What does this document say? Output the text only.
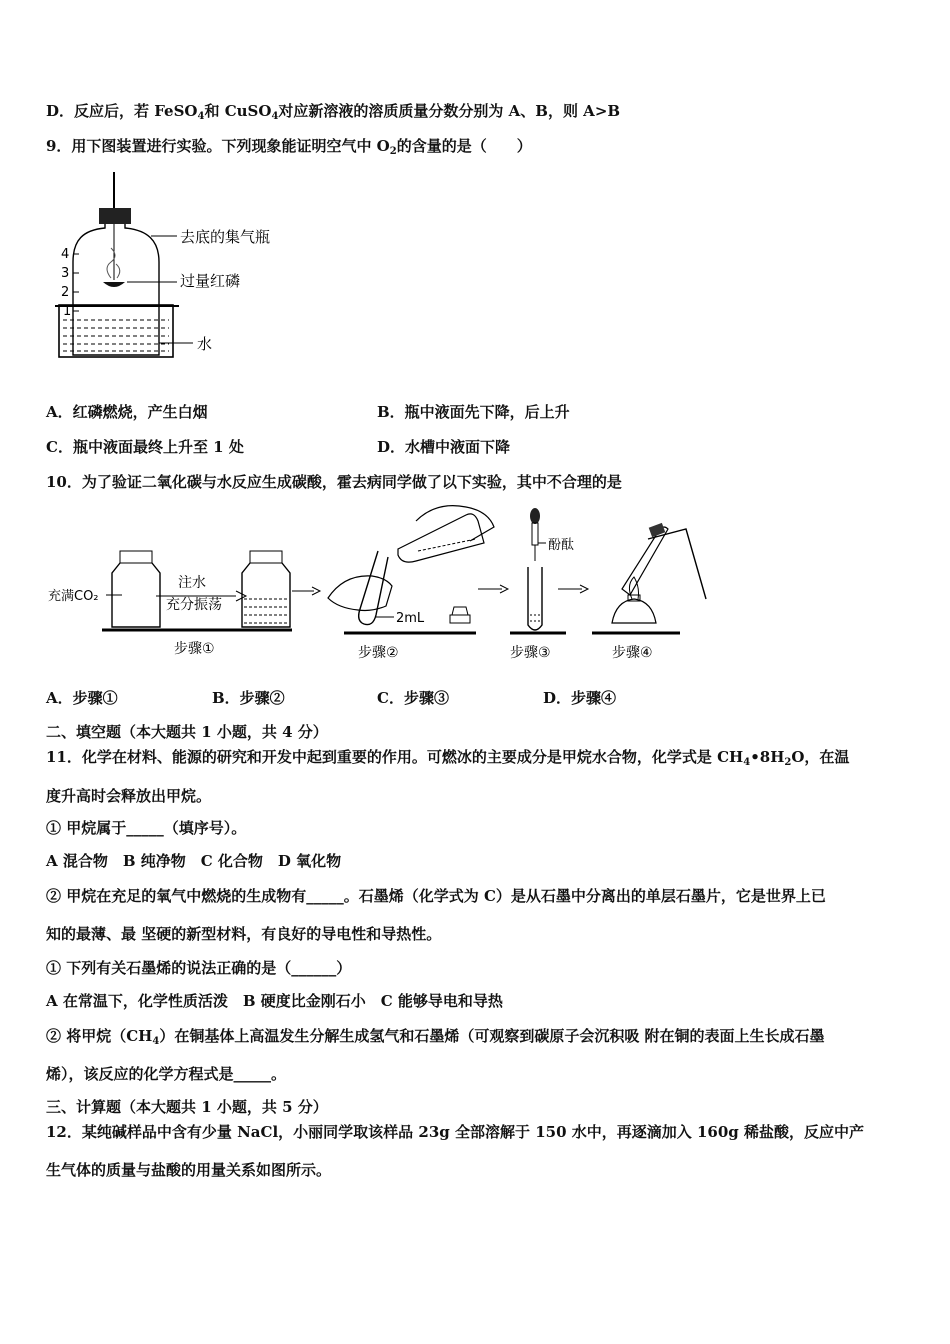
D．反应后，若 FeSO$_4$和 CuSO$_4$对应新溶液的溶质质量分数分别为 A、B，则 A>B
9．用下图装置进行实验。下列现象能证明空气中 $O_2$的含量的是（　　）
4
3
2
1
去底的集气瓶
过量红磷
水
A．红磷燃烧，产生白烟	B．瓶中液面先下降，后上升
C．瓶中液面最终上升至 1 处	D．水槽中液面下降
10．为了验证二氧化碳与水反应生成碳酸，霍去病同学做了以下实验，其中不合理的是
充满CO₂
注水
充分振荡
步骤①
2mL
步骤②
酚酞
步骤③	步骤④
A．步骤①	B．步骤②	C．步骤③	D．步骤④
二、填空题（本大题共 1 小题，共 4 分）
11．化学在材料、能源的研究和开发中起到重要的作用。可燃冰的主要成分是甲烷水合物，化学式是 $CH_4•8H_2O$，在温
度升高时会释放出甲烷。
① 甲烷属于_____（填序号）。
A 混合物　B 纯净物　C 化合物　D 氧化物
② 甲烷在充足的氧气中燃烧的生成物有_____。石墨烯（化学式为 C）是从石墨中分离出的单层石墨片，它是世界上已
知的最薄、最 坚硬的新型材料，有良好的导电性和导热性。
① 下列有关石墨烯的说法正确的是（______）
A 在常温下，化学性质活泼　B 硬度比金刚石小　C 能够导电和导热
② 将甲烷$(CH_4)$在铜基体上高温发生分解生成氢气和石墨烯（可观察到碳原子会沉积吸 附在铜的表面上生长成石墨
烯），该反应的化学方程式是_____。
三、计算题（本大题共 1 小题，共 5 分）
12．某纯碱样品中含有少量 NaCl，小丽同学取该样品 23g 全部溶解于 150 水中，再逐滴加入 160g 稀盐酸，反应中产
生气体的质量与盐酸的用量关系如图所示。
